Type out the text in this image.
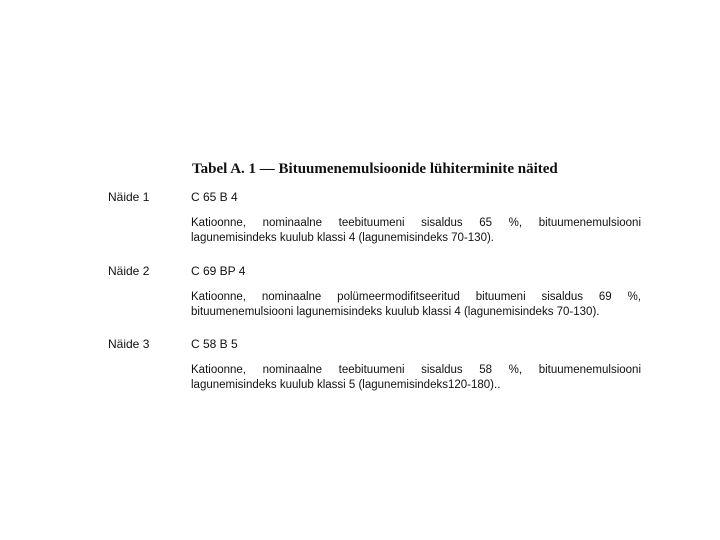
Tabel A. 1 — Bituumenemulsioonide lühiterminite näited
Näide 1	C 65 B 4
Katioonne, nominaalne teebituumeni sisaldus 65 %, bituumenemulsiooni lagunemisindeks kuulub klassi 4 (lagunemisindeks 70-130).
Näide 2	C 69 BP 4
Katioonne, nominaalne polümeermodifitseeritud bituumeni sisaldus 69 %, bituumenemulsiooni lagunemisindeks kuulub klassi 4 (lagunemisindeks 70-130).
Näide 3	C 58 B 5
Katioonne, nominaalne teebituumeni sisaldus 58 %, bituumenemulsiooni lagunemisindeks kuulub klassi 5 (lagunemisindeks120-180)..
